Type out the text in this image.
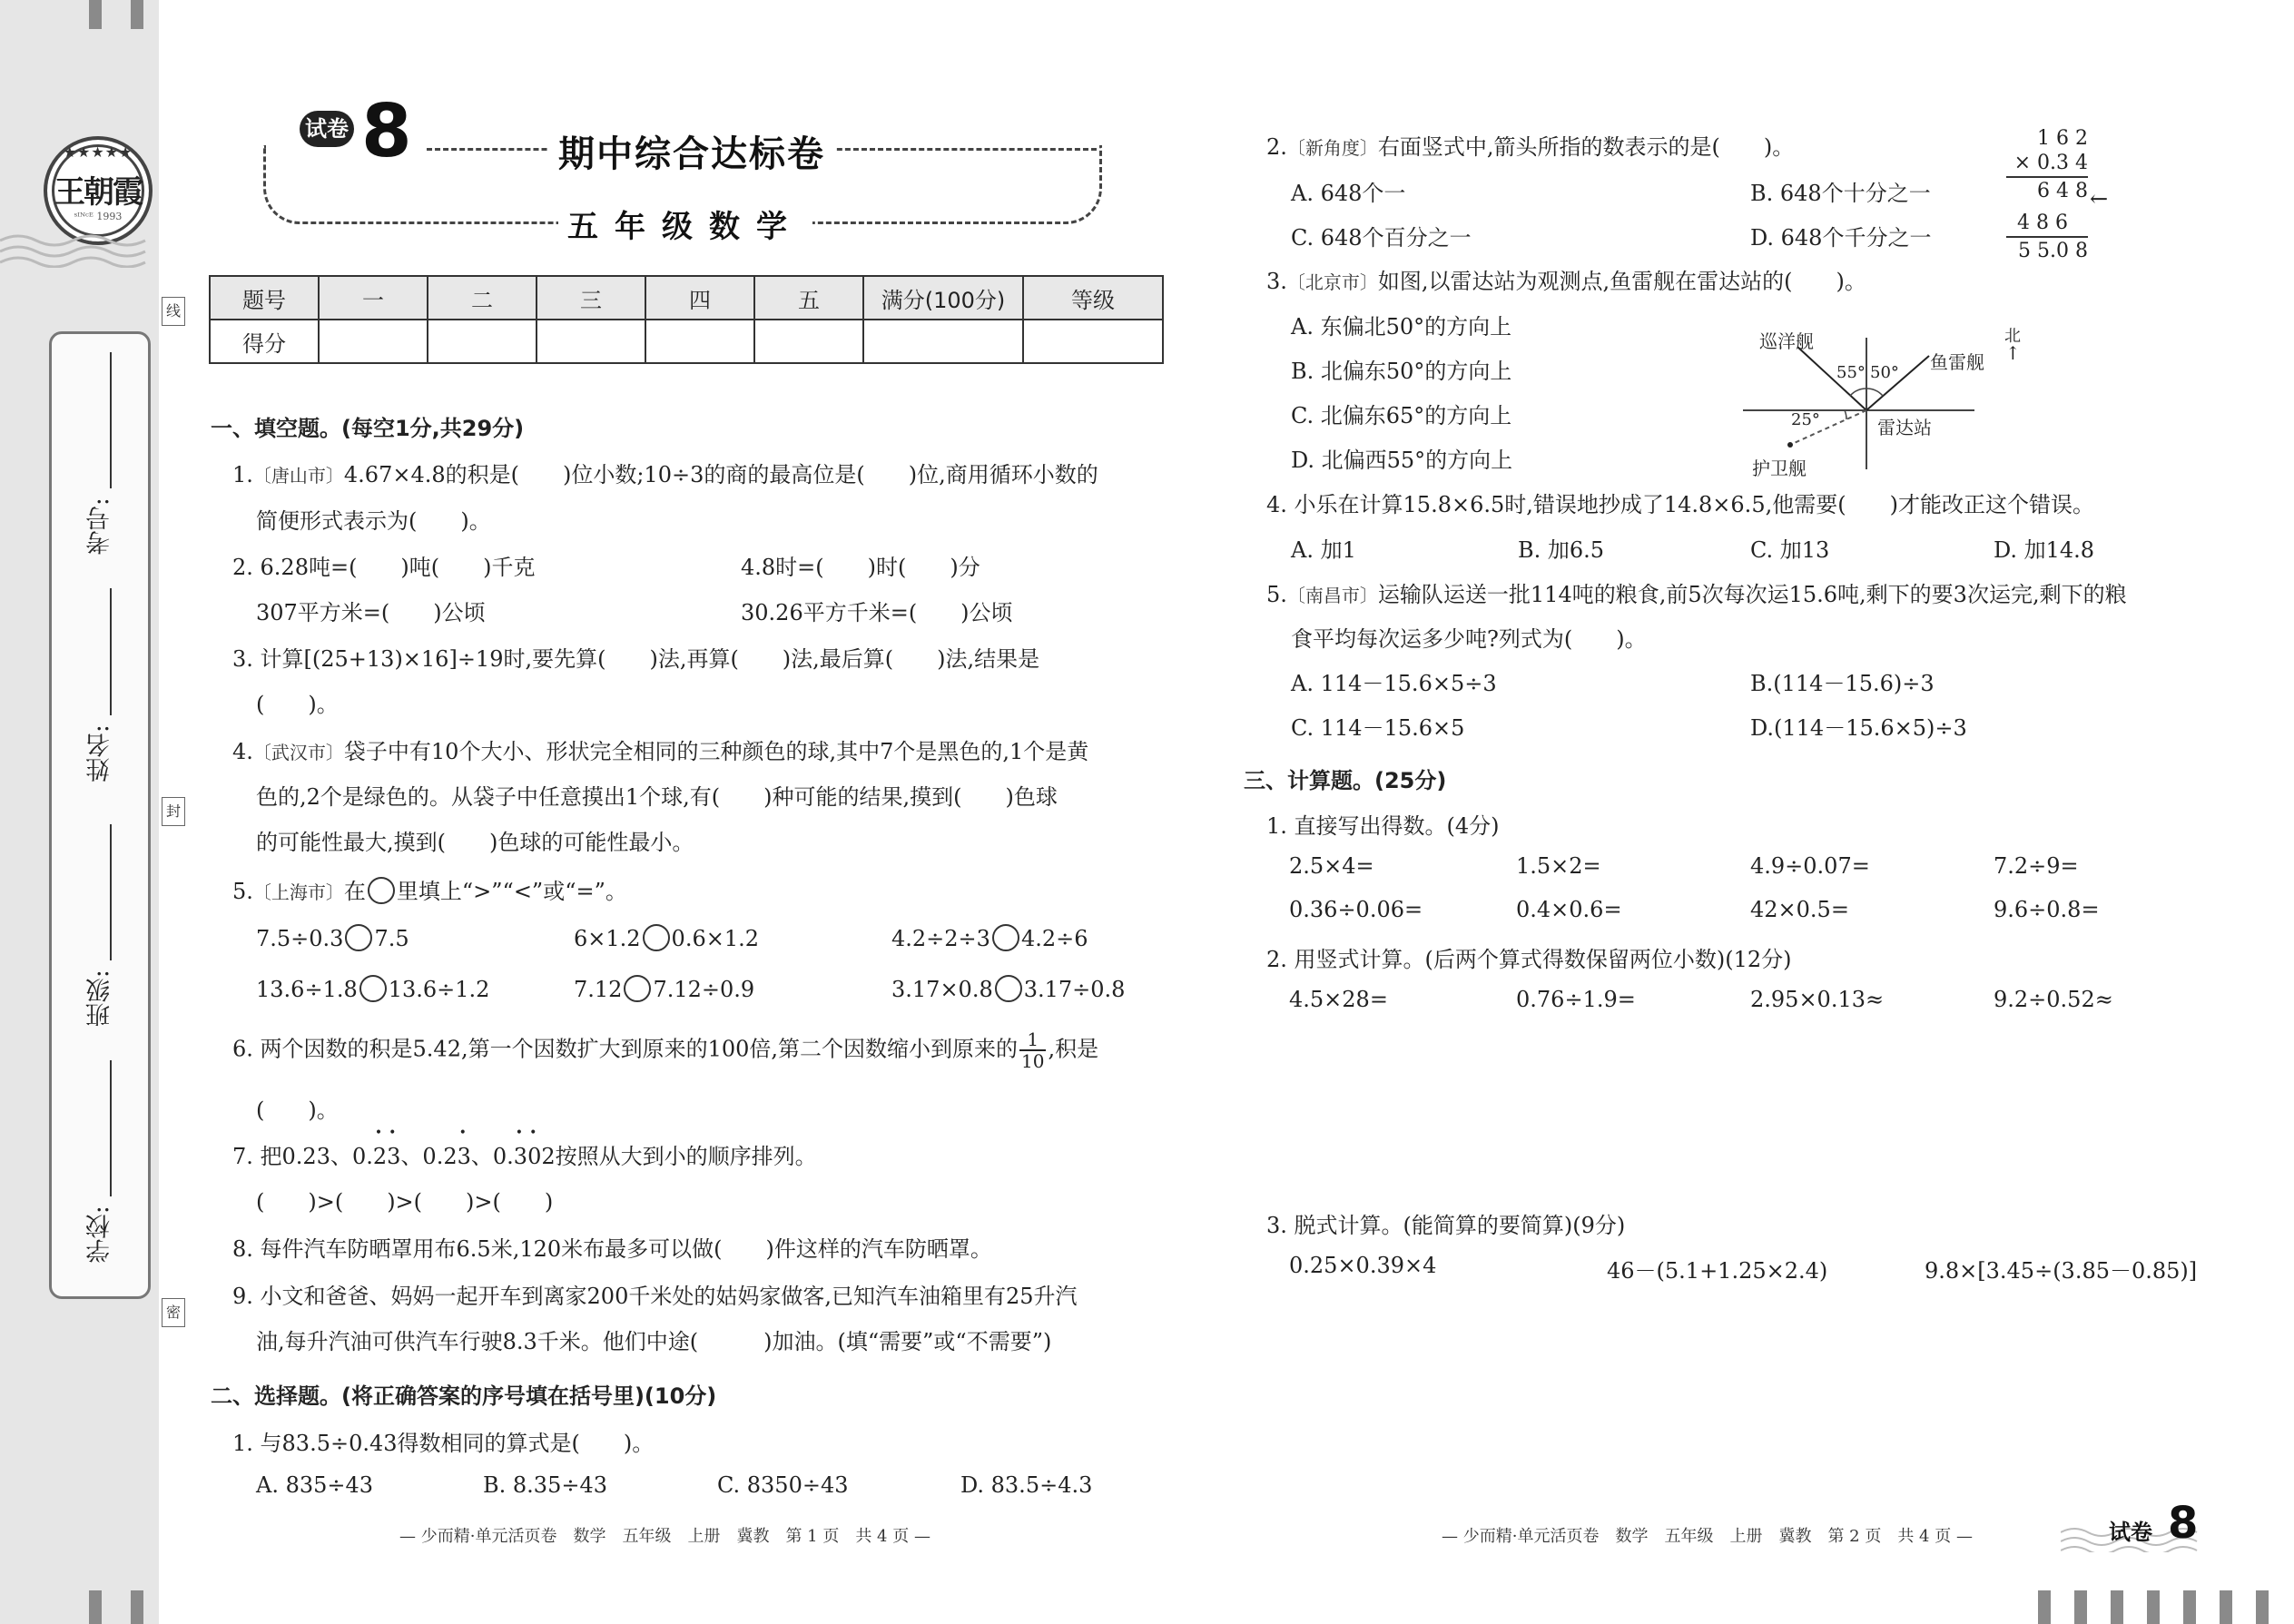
★★★★★
王朝霞
ˢᴵᴺᶜᴱ 1993
考号:
姓名:
班级:
学校:
线
封
密
试卷 8	期中综合达标卷
五年级数学
题号	一	二	三	四	五	满分(100分)	等级
得分							
一、填空题。(每空1分,共29分)
1.〔唐山市〕4.67×4.8的积是(　　)位小数;10÷3的商的最高位是(　　)位,商用循环小数的
简便形式表示为(　　)。
2. 6.28吨=(　　)吨(　　)千克	4.8时=(　　)时(　　)分
307平方米=(　　)公顷	30.26平方千米=(　　)公顷
3. 计算[(25+13)×16]÷19时,要先算(　　)法,再算(　　)法,最后算(　　)法,结果是
(　　)。
4.〔武汉市〕袋子中有10个大小、形状完全相同的三种颜色的球,其中7个是黑色的,1个是黄
色的,2个是绿色的。从袋子中任意摸出1个球,有(　　)种可能的结果,摸到(　　)色球
的可能性最大,摸到(　　)色球的可能性最小。
5.〔上海市〕在 里填上“>”“<”或“=”。
7.5÷0.3 7.5	6×1.2 0.6×1.2	4.2÷2÷3 4.2÷6
13.6÷1.8 13.6÷1.2	7.12 7.12÷0.9	3.17×0.8 3.17÷0.8
6. 两个因数的积是5.42,第一个因数扩大到原来的100倍,第二个因数缩小到原来的 $\frac{1}{10}$ ,积是
(　　)。
7. 把0.23、0.• 2• 3、0.2• 3、0.• 3• 02按照从大到小的顺序排列。
(　　)>(　　)>(　　)>(　　)
8. 每件汽车防晒罩用布6.5米,120米布最多可以做(　　)件这样的汽车防晒罩。
9. 小文和爸爸、妈妈一起开车到离家200千米处的姑妈家做客,已知汽车油箱里有25升汽
油,每升汽油可供汽车行驶8.3千米。他们中途(　　　)加油。(填“需要”或“不需要”)
二、选择题。(将正确答案的序号填在括号里)(10分)
1. 与83.5÷0.43得数相同的算式是(　　)。
A. 835÷43	B. 8.35÷43	C. 8350÷43	D. 83.5÷4.3
— 少而精·单元活页卷　数学　五年级　上册　冀教　第 1 页　共 4 页 —
2.〔新角度〕右面竖式中,箭头所指的数表示的是(　　)。
A. 648个一	B. 648个十分之一
C. 648个百分之一	D. 648个千分之一
1 6 2
× 0.3 4
6 4 8
4 8 6
5 5.0 8
←
3.〔北京市〕如图,以雷达站为观测点,鱼雷舰在雷达站的(　　)。
A. 东偏北50°的方向上
B. 北偏东50°的方向上
C. 北偏东65°的方向上
D. 北偏西55°的方向上
巡洋舰
鱼雷舰
北
↑
55° 50°
25°	雷达站
护卫舰
4. 小乐在计算15.8×6.5时,错误地抄成了14.8×6.5,他需要(　　)才能改正这个错误。
A. 加1	B. 加6.5	C. 加13	D. 加14.8
5.〔南昌市〕运输队运送一批114吨的粮食,前5次每次运15.6吨,剩下的要3次运完,剩下的粮
食平均每次运多少吨?列式为(　　)。
A. 114－15.6×5÷3	B.(114－15.6)÷3
C. 114－15.6×5	D.(114－15.6×5)÷3
三、计算题。(25分)
1. 直接写出得数。(4分)
2.5×4=	1.5×2=	4.9÷0.07=	7.2÷9=
0.36÷0.06=	0.4×0.6=	42×0.5=	9.6÷0.8=
2. 用竖式计算。(后两个算式得数保留两位小数)(12分)
4.5×28=	0.76÷1.9=	2.95×0.13≈	9.2÷0.52≈
3. 脱式计算。(能简算的要简算)(9分)
0.25×0.39×4	46－(5.1+1.25×2.4)	9.8×[3.45÷(3.85－0.85)]
— 少而精·单元活页卷　数学　五年级　上册　冀教　第 2 页　共 4 页 —	试卷 8
